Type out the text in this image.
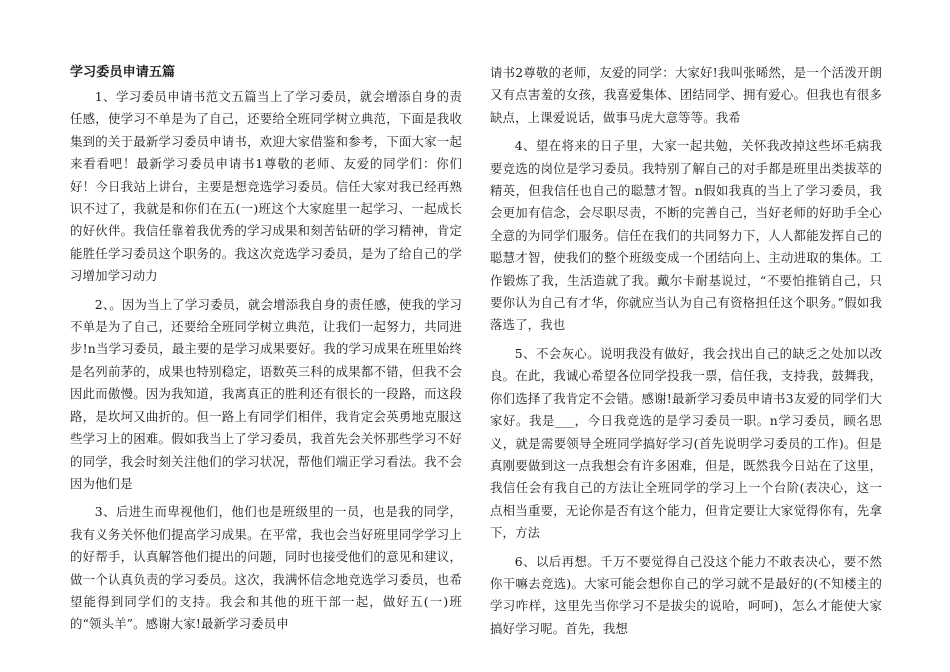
学习委员申请五篇

1、学习委员申请书范文五篇当上了学习委员，就会增添自身的责任感，使学习不单是为了自己，还要给全班同学树立典范，下面是我收集到的关于最新学习委员申请书，欢迎大家借鉴和参考，下面大家一起来看看吧！最新学习委员申请书1尊敬的老师、友爱的同学们：你们好！今日我站上讲台，主要是想竞选学习委员。信任大家对我已经再熟识不过了，我就是和你们在五(一)班这个大家庭里一起学习、一起成长的好伙伴。我信任靠着我优秀的学习成果和刻苦钻研的学习精神，肯定能胜任学习委员这个职务的。我这次竞选学习委员，是为了给自己的学习增加学习动力

2、。因为当上了学习委员，就会增添我自身的责任感，使我的学习不单是为了自己，还要给全班同学树立典范，让我们一起努力，共同进步!n当学习委员，最主要的是学习成果要好。我的学习成果在班里始终是名列前茅的，成果也特别稳定，语数英三科的成果都不错，但我不会因此而傲慢。因为我知道，我离真正的胜利还有很长的一段路，而这段路，是坎坷又曲折的。但一路上有同学们相伴，我肯定会英勇地克服这些学习上的困难。假如我当上了学习委员，我首先会关怀那些学习不好的同学，我会时刻关注他们的学习状况，帮他们端正学习看法。我不会因为他们是

3、后进生而卑视他们，他们也是班级里的一员，也是我的同学，我有义务关怀他们提高学习成果。在平常，我也会当好班里同学学习上的好帮手，认真解答他们提出的问题，同时也接受他们的意见和建议，做一个认真负责的学习委员。这次，我满怀信念地竞选学习委员，也希望能得到同学们的支持。我会和其他的班干部一起，做好五(一)班的“领头羊”。感谢大家!最新学习委员申

请书2尊敬的老师，友爱的同学：大家好!我叫张晞然，是一个活泼开朗又有点害羞的女孩，我喜爱集体、团结同学、拥有爱心。但我也有很多缺点，上课爱说话，做事马虎大意等等。我希

4、望在将来的日子里，大家一起共勉，关怀我改掉这些坏毛病我要竞选的岗位是学习委员。我特别了解自己的对手都是班里出类拔萃的精英，但我信任也自己的聪慧才智。n假如我真的当上了学习委员，我会更加有信念，会尽职尽责，不断的完善自己，当好老师的好助手全心全意的为同学们服务。信任在我们的共同努力下，人人都能发挥自己的聪慧才智，使我们的整个班级变成一个团结向上、主动进取的集体。工作锻炼了我，生活造就了我。戴尔卡耐基说过，“不要怕推销自己，只要你认为自己有才华，你就应当认为自己有资格担任这个职务。”假如我落选了，我也

5、不会灰心。说明我没有做好，我会找出自己的缺乏之处加以改良。在此，我诚心希望各位同学投我一票，信任我，支持我，鼓舞我，你们选择了我肯定不会错。感谢!最新学习委员申请书3友爱的同学们大家好。我是___，今日我竞选的是学习委员一职。n学习委员，顾名思义，就是需要领导全班同学搞好学习(首先说明学习委员的工作)。但是真刚要做到这一点我想会有许多困难，但是，既然我今日站在了这里，我信任会有我自己的方法让全班同学的学习上一个台阶(表决心，这一点相当重要，无论你是否有这个能力，但肯定要让大家觉得你有，先拿下，方法

6、以后再想。千万不要觉得自己没这个能力不敢表决心，要不然你干嘛去竞选)。大家可能会想你自己的学习就不是最好的(不知楼主的学习咋样，这里先当你学习不是拔尖的说哈，呵呵)，怎么才能使大家搞好学习呢。首先，我想
